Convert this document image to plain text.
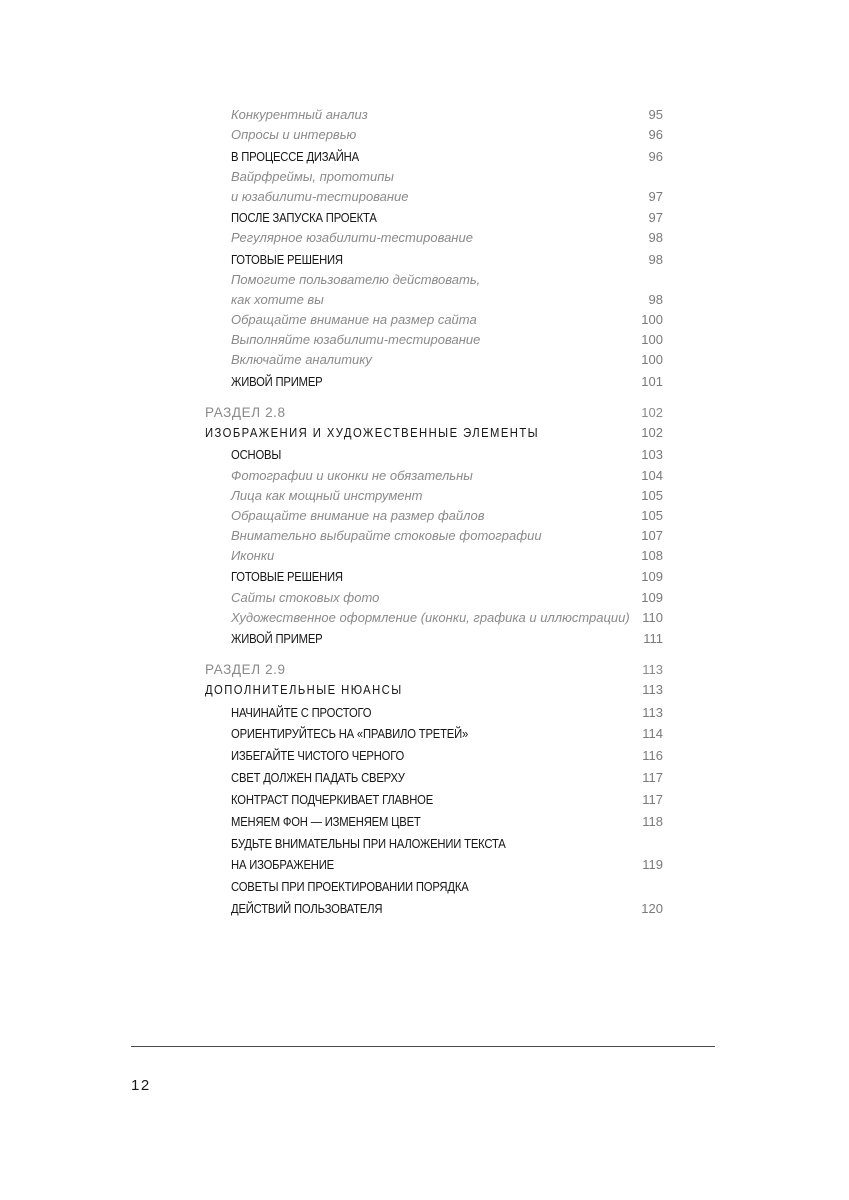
Конкурентный анализ	95
Опросы и интервью	96
В ПРОЦЕССЕ ДИЗАЙНА	96
Вайрфреймы, прототипы
и юзабилити-тестирование	97
ПОСЛЕ ЗАПУСКА ПРОЕКТА	97
Регулярное юзабилити-тестирование	98
ГОТОВЫЕ РЕШЕНИЯ	98
Помогите пользователю действовать,
как хотите вы	98
Обращайте внимание на размер сайта	100
Выполняйте юзабилити-тестирование	100
Включайте аналитику	100
ЖИВОЙ ПРИМЕР	101
РАЗДЕЛ 2.8	102
ИЗОБРАЖЕНИЯ И ХУДОЖЕСТВЕННЫЕ ЭЛЕМЕНТЫ	102
ОСНОВЫ	103
Фотографии и иконки не обязательны	104
Лица как мощный инструмент	105
Обращайте внимание на размер файлов	105
Внимательно выбирайте стоковые фотографии	107
Иконки	108
ГОТОВЫЕ РЕШЕНИЯ	109
Сайты стоковых фото	109
Художественное оформление (иконки, графика и иллюстрации) 110
ЖИВОЙ ПРИМЕР	111
РАЗДЕЛ 2.9	113
ДОПОЛНИТЕЛЬНЫЕ НЮАНСЫ	113
НАЧИНАЙТЕ С ПРОСТОГО	113
ОРИЕНТИРУЙТЕСЬ НА «ПРАВИЛО ТРЕТЕЙ»	114
ИЗБЕГАЙТЕ ЧИСТОГО ЧЕРНОГО	116
СВЕТ ДОЛЖЕН ПАДАТЬ СВЕРХУ	117
КОНТРАСТ ПОДЧЕРКИВАЕТ ГЛАВНОЕ	117
МЕНЯЕМ ФОН — ИЗМЕНЯЕМ ЦВЕТ	118
БУДЬТЕ ВНИМАТЕЛЬНЫ ПРИ НАЛОЖЕНИИ ТЕКСТА
НА ИЗОБРАЖЕНИЕ	119
СОВЕТЫ ПРИ ПРОЕКТИРОВАНИИ ПОРЯДКА
ДЕЙСТВИЙ ПОЛЬЗОВАТЕЛЯ	120
12
